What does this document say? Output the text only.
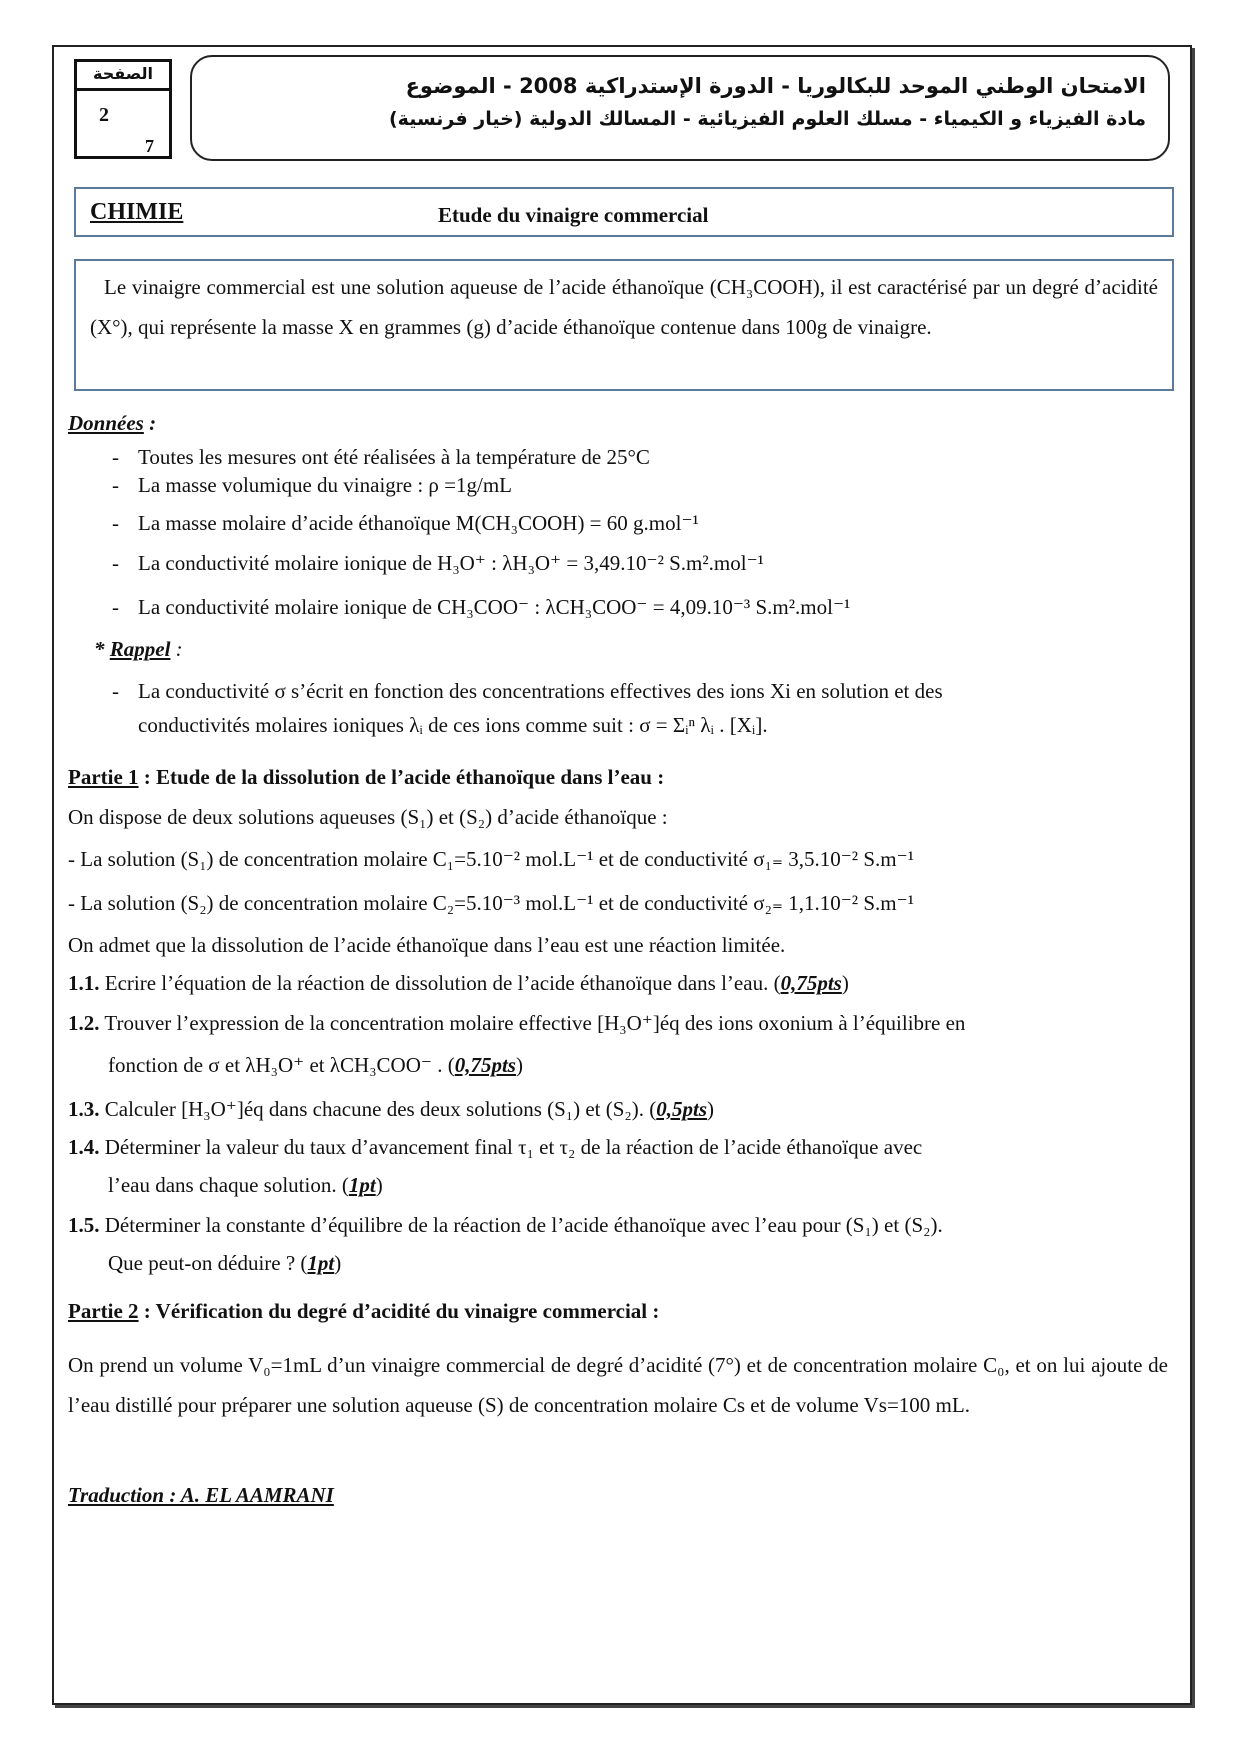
الصفحة
2
7
الامتحان الوطني الموحد للبكالوريا - الدورة الإستدراكية 2008 - الموضوع
مادة الفيزياء و الكيمياء - مسلك العلوم الفيزيائية - المسالك الدولية (خيار فرنسية)
CHIMIE	Etude du vinaigre commercial
Le vinaigre commercial est une solution aqueuse de l’acide éthanoïque (CH₃COOH), il est caractérisé par un degré d’acidité (X°), qui représente la masse X en grammes (g) d’acide éthanoïque contenue dans 100g de vinaigre.
Données :
- Toutes les mesures ont été réalisées à la température de 25°C
- La masse volumique du vinaigre : ρ =1g/mL
- La masse molaire d’acide éthanoïque M(CH₃COOH) = 60 g.mol⁻¹
- La conductivité molaire ionique de H₃O⁺ : λH₃O⁺ = 3,49.10⁻² S.m².mol⁻¹
- La conductivité molaire ionique de CH₃COO⁻ : λCH₃COO⁻ = 4,09.10⁻³ S.m².mol⁻¹
* Rappel :
- La conductivité σ s’écrit en fonction des concentrations effectives des ions Xi en solution et des
conductivités molaires ioniques λᵢ de ces ions comme suit : σ = Σᵢⁿ λᵢ . [Xᵢ].
Partie 1 : Etude de la dissolution de l’acide éthanoïque dans l’eau :
On dispose de deux solutions aqueuses (S₁) et (S₂) d’acide éthanoïque :
- La solution (S₁) de concentration molaire C₁=5.10⁻² mol.L⁻¹ et de conductivité σ₁₌ 3,5.10⁻² S.m⁻¹
- La solution (S₂) de concentration molaire C₂=5.10⁻³ mol.L⁻¹ et de conductivité σ₂₌ 1,1.10⁻² S.m⁻¹
On admet que la dissolution de l’acide éthanoïque dans l’eau est une réaction limitée.
1.1. Ecrire l’équation de la réaction de dissolution de l’acide éthanoïque dans l’eau. (0,75pts)
1.2. Trouver l’expression de la concentration molaire effective [H₃O⁺]éq des ions oxonium à l’équilibre en
fonction de σ et λH₃O⁺ et λCH₃COO⁻ . (0,75pts)
1.3. Calculer [H₃O⁺]éq dans chacune des deux solutions (S₁) et (S₂). (0,5pts)
1.4. Déterminer la valeur du taux d’avancement final τ₁ et τ₂ de la réaction de l’acide éthanoïque avec
l’eau dans chaque solution. (1pt)
1.5. Déterminer la constante d’équilibre de la réaction de l’acide éthanoïque avec l’eau pour (S₁) et (S₂).
Que peut-on déduire ? (1pt)
Partie 2 : Vérification du degré d’acidité du vinaigre commercial :
On prend un volume V₀=1mL d’un vinaigre commercial de degré d’acidité (7°) et de concentration molaire C₀, et on lui ajoute de l’eau distillé pour préparer une solution aqueuse (S) de concentration molaire Cs et de volume Vs=100 mL.
Traduction : A. EL AAMRANI
